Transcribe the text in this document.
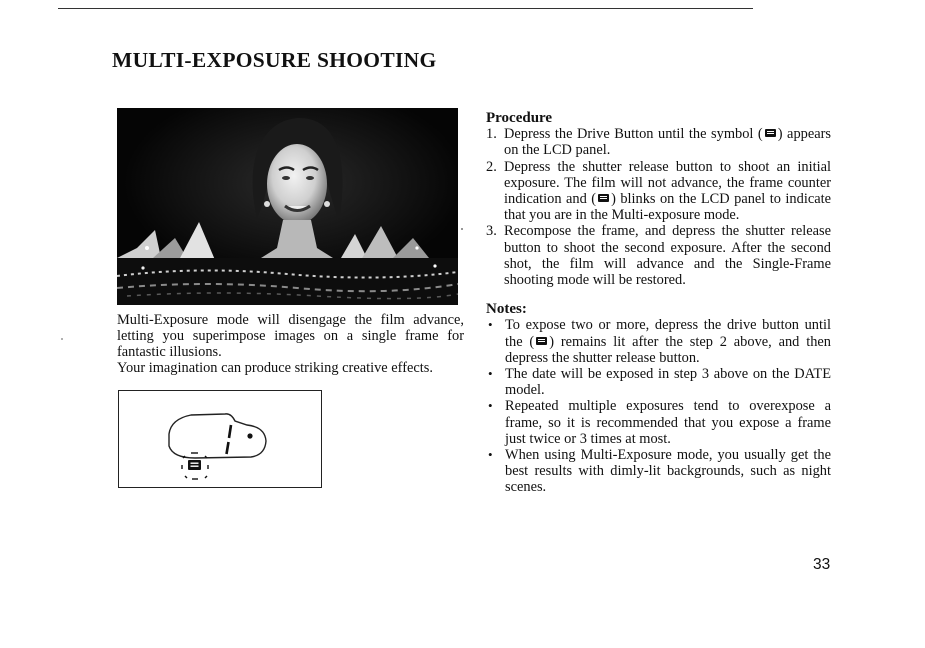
MULTI-EXPOSURE SHOOTING

Multi-Exposure mode will disengage the film advance, letting you superimpose images on a single frame for fantastic illusions.

Your imagination can produce striking creative effects.

Procedure

1. Depress the Drive Button until the symbol ( ) appears on the LCD panel.
2. Depress the shutter release button to shoot an initial exposure. The film will not advance, the frame counter indication and ( ) blinks on the LCD panel to indicate that you are in the Multi-exposure mode.
3. Recompose the frame, and depress the shutter release button to shoot the second exposure. After the second shot, the film will advance and the Single-Frame shooting mode will be restored.

Notes:

• To expose two or more, depress the drive button until the ( ) remains lit after the step 2 above, and then depress the shutter release button.
• The date will be exposed in step 3 above on the DATE model.
• Repeated multiple exposures tend to overexpose a frame, so it is recommended that you expose a frame just twice or 3 times at most.
• When using Multi-Exposure mode, you usually get the best results with dimly-lit backgrounds, such as night scenes.

33
